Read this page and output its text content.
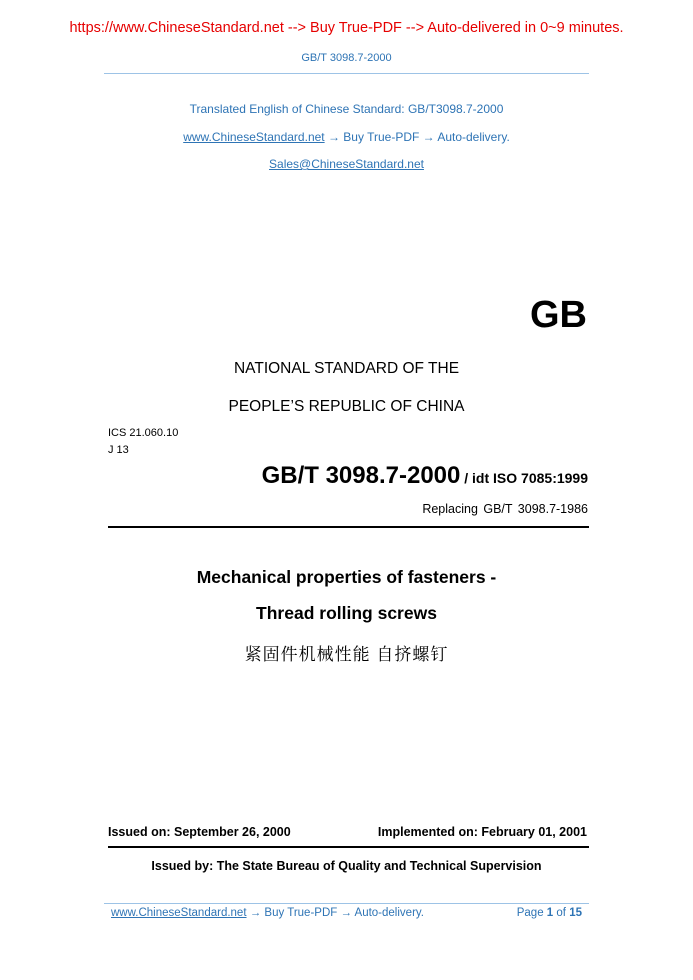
https://www.ChineseStandard.net --> Buy True-PDF --> Auto-delivered in 0~9 minutes.
GB/T 3098.7-2000
Translated English of Chinese Standard: GB/T3098.7-2000
www.ChineseStandard.net → Buy True-PDF → Auto-delivery.
Sales@ChineseStandard.net
GB
NATIONAL STANDARD OF THE
PEOPLE’S REPUBLIC OF CHINA
ICS 21.060.10
J 13
GB/T 3098.7-2000 / idt ISO 7085:1999
Replacing GB/T 3098.7-1986
Mechanical properties of fasteners -
Thread rolling screws
紧固件机械性能 自挤螺钉
Issued on: September 26, 2000	Implemented on: February 01, 2001
Issued by: The State Bureau of Quality and Technical Supervision
www.ChineseStandard.net → Buy True-PDF → Auto-delivery.	Page 1 of 15
